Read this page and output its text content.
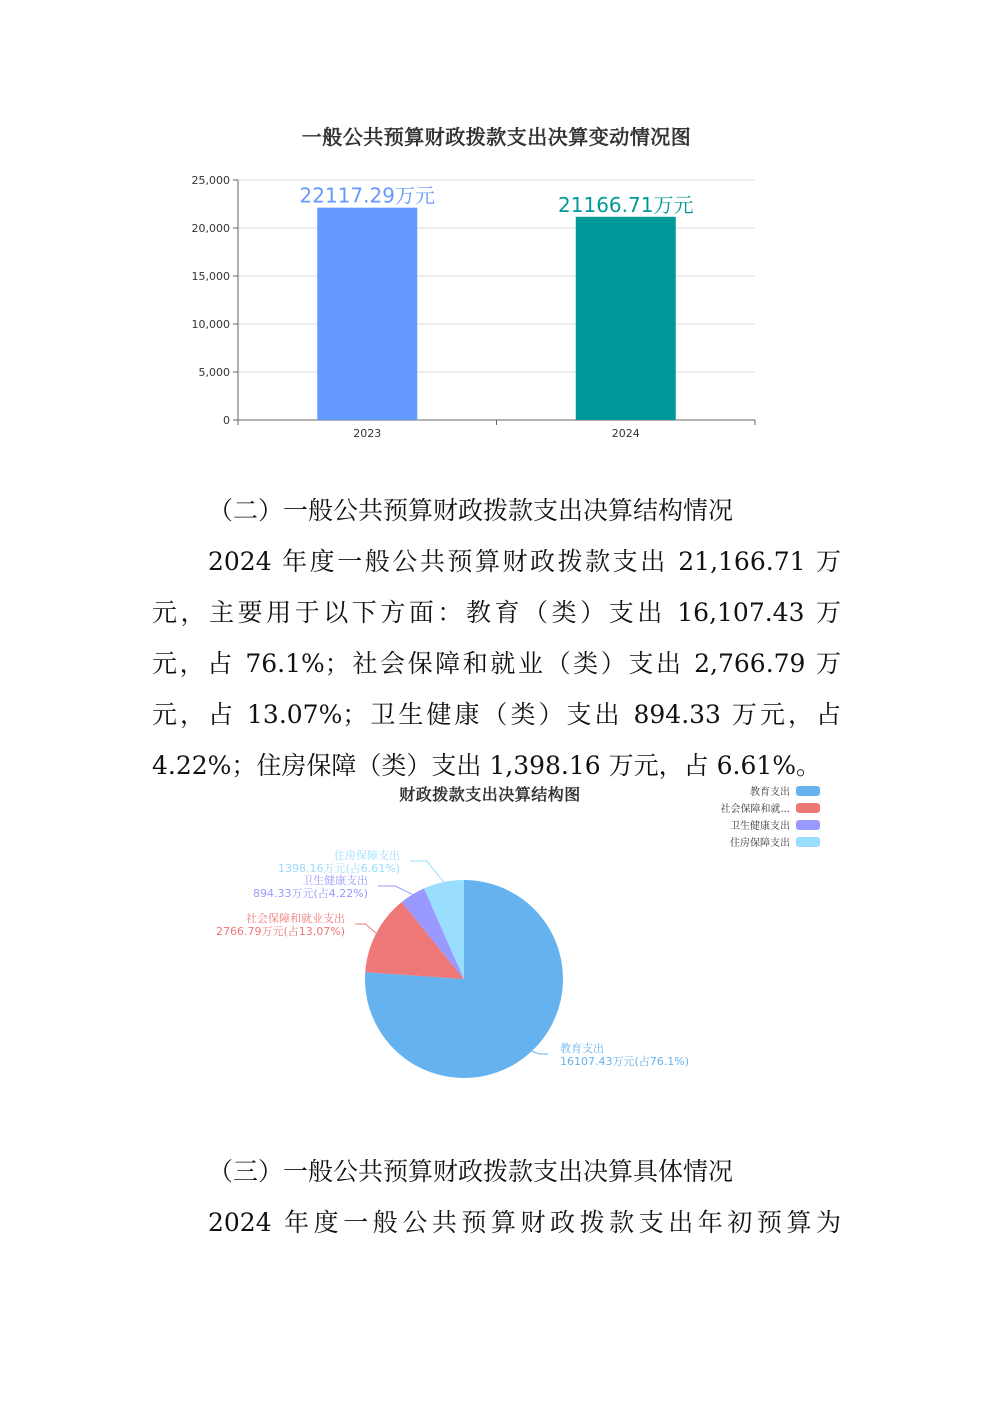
一般公共预算财政拨款支出决算变动情况图
0
5,000
10,000
15,000
20,000
25,000
22117.29万元
2023
21166.71万元
2024
（二）一般公共预算财政拨款支出决算结构情况
2024 年度一般公共预算财政拨款支出 21,166.71 万
元，主要用于以下方面：教育（类）支出 16,107.43 万
元，占 76.1%；社会保障和就业（类）支出 2,766.79 万
元，占 13.07%；卫生健康（类）支出 894.33 万元，占
4.22%；住房保障（类）支出 1,398.16 万元，占 6.61%。
财政拨款支出决算结构图	教育支出
社会保障和就...
卫生健康支出
住房保障支出
教育支出
16107.43万元(占76.1%)
社会保障和就业支出
2766.79万元(占13.07%)
卫生健康支出
894.33万元(占4.22%)
住房保障支出
1398.16万元(占6.61%)
（三）一般公共预算财政拨款支出决算具体情况
2024 年度一般公共预算财政拨款支出年初预算为
